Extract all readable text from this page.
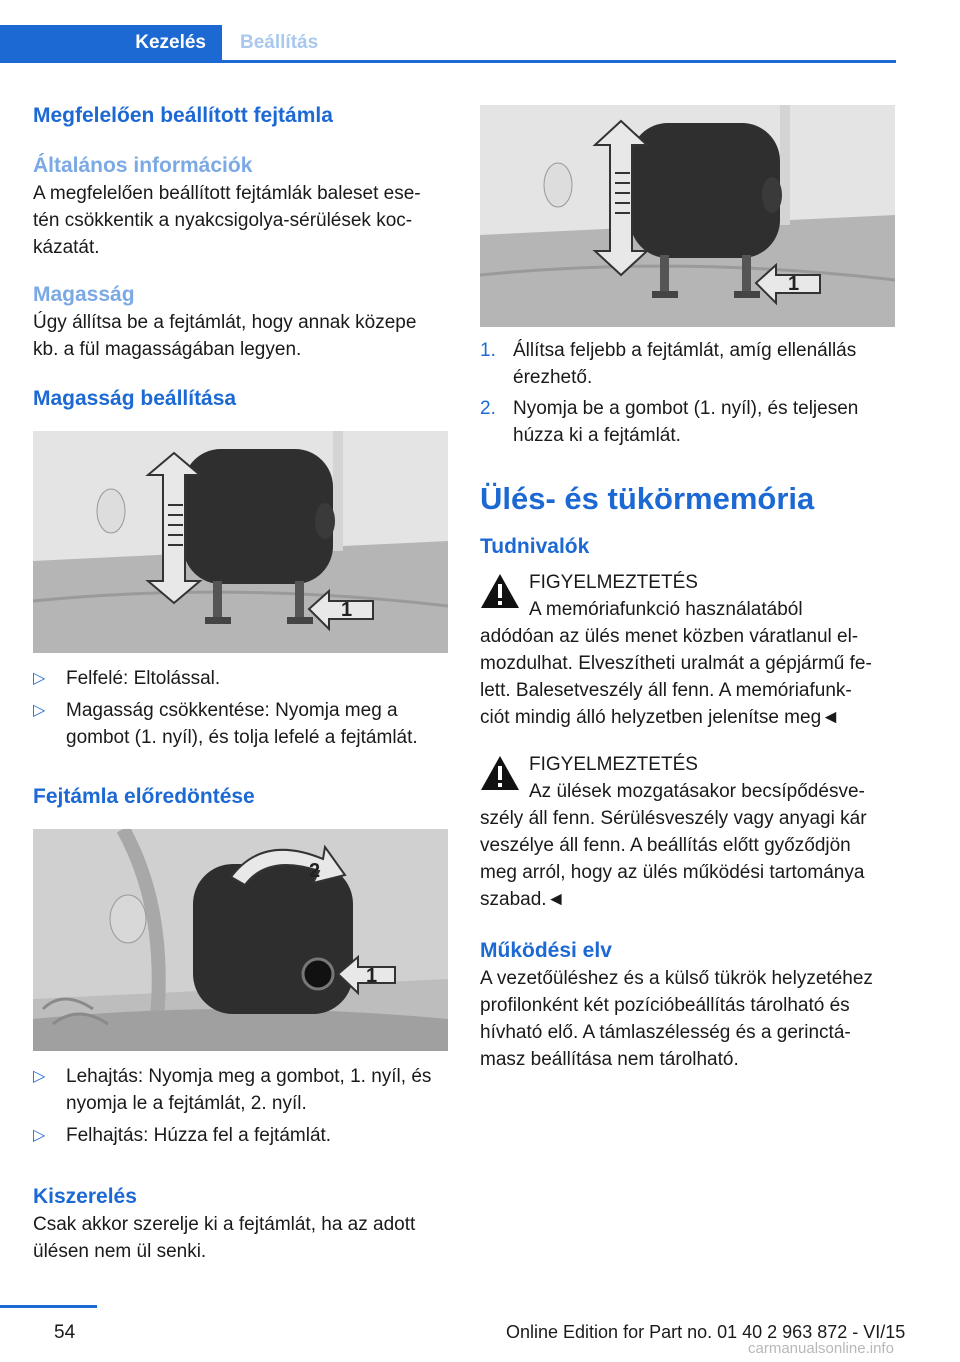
Kezelés	Beállítás
Megfelelően beállított fejtámla
Általános információk
A megfelelően beállított fejtámlák baleset ese-
tén csökkentik a nyakcsigolya-sérülések koc-
kázatát.
Magasság
Úgy állítsa be a fejtámlát, hogy annak közepe
kb. a fül magasságában legyen.
Magasság beállítása
1
▷ Felfelé: Eltolással.
▷ Magasság csökkentése: Nyomja meg a
gombot (1. nyíl), és tolja lefelé a fejtámlát.
Fejtámla előredöntése
2
1
▷ Lehajtás: Nyomja meg a gombot, 1. nyíl, és
nyomja le a fejtámlát, 2. nyíl.
▷ Felhajtás: Húzza fel a fejtámlát.
Kiszerelés
Csak akkor szerelje ki a fejtámlát, ha az adott
ülésen nem ül senki.
1
1. Állítsa feljebb a fejtámlát, amíg ellenállás
érezhető.
2. Nyomja be a gombot (1. nyíl), és teljesen
húzza ki a fejtámlát.
Ülés- és tükörmemória
Tudnivalók
FIGYELMEZTETÉS
A memóriafunkció használatából
adódóan az ülés menet közben váratlanul el-
mozdulhat. Elveszítheti uralmát a gépjármű fe-
lett. Balesetveszély áll fenn. A memóriafunk-
ciót mindig álló helyzetben jelenítse meg◄
FIGYELMEZTETÉS
Az ülések mozgatásakor becsípődésve-
szély áll fenn. Sérülésveszély vagy anyagi kár
veszélye áll fenn. A beállítás előtt győződjön
meg arról, hogy az ülés működési tartománya
szabad.◄
Működési elv
A vezetőüléshez és a külső tükrök helyzetéhez
profilonként két pozícióbeállítás tárolható és
hívható elő. A támlaszélesség és a gerinctá-
masz beállítása nem tárolható.
54	Online Edition for Part no. 01 40 2 963 872 - VI/15
carmanualsonline.info
